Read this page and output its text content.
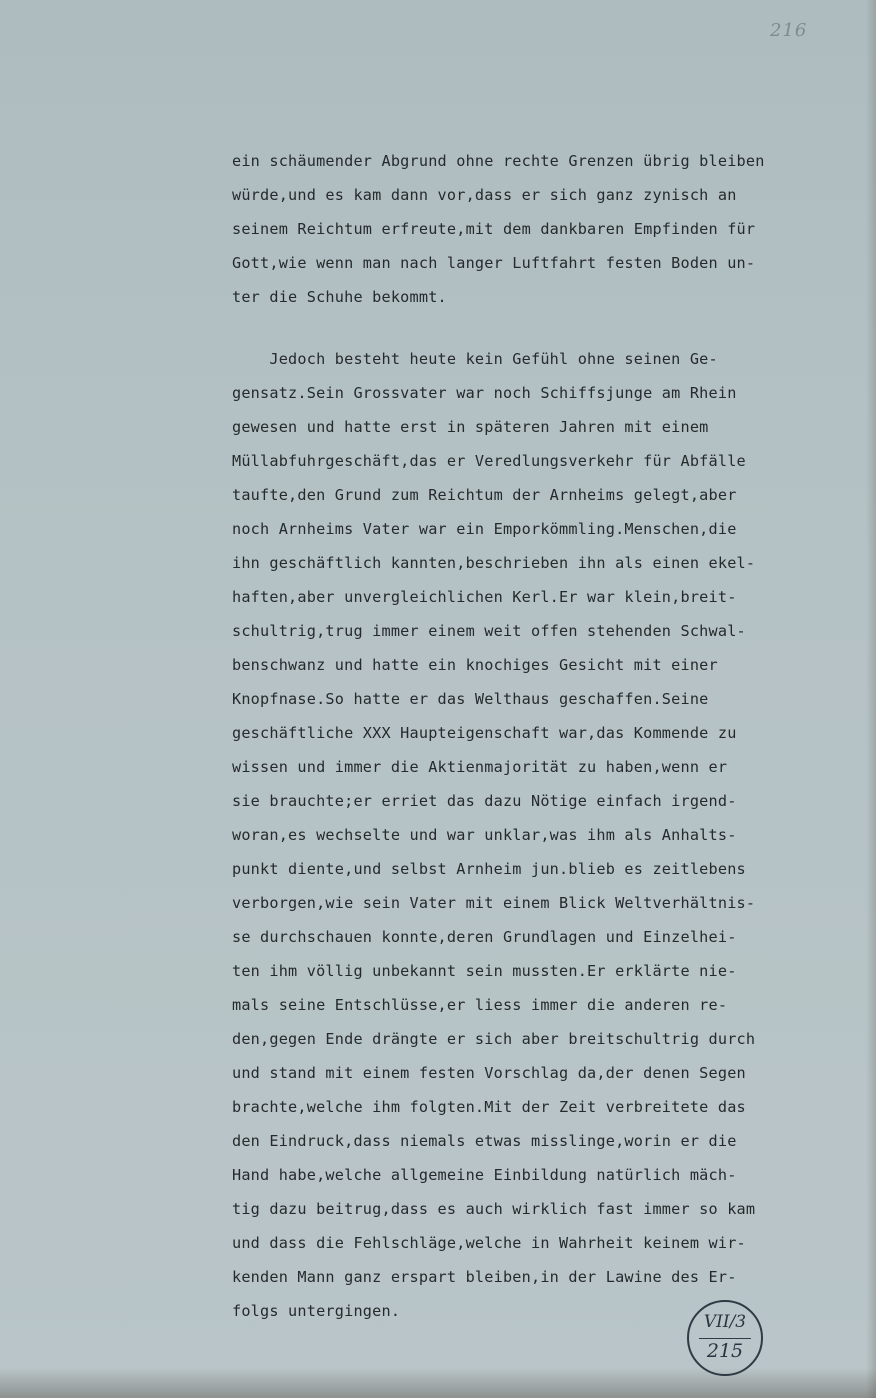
216
ein schäumender Abgrund ohne rechte Grenzen übrig bleiben
würde,und es kam dann vor,dass er sich ganz zynisch an
seinem Reichtum erfreute,mit dem dankbaren Empfinden für
Gott,wie wenn man nach langer Luftfahrt festen Boden un-
ter die Schuhe bekommt.
Jedoch besteht heute kein Gefühl ohne seinen Ge-
gensatz.Sein Grossvater war noch Schiffsjunge am Rhein
gewesen und hatte erst in späteren Jahren mit einem
Müllabfuhrgeschäft,das er Veredlungsverkehr für Abfälle
taufte,den Grund zum Reichtum der Arnheims gelegt,aber
noch Arnheims Vater war ein Emporkömmling.Menschen,die
ihn geschäftlich kannten,beschrieben ihn als einen ekel-
haften,aber unvergleichlichen Kerl.Er war klein,breit-
schultrig,trug immer einem weit offen stehenden Schwal-
benschwanz und hatte ein knochiges Gesicht mit einer
Knopfnase.So hatte er das Welthaus geschaffen.Seine
geschäftliche XXX Haupteigenschaft war,das Kommende zu
wissen und immer die Aktienmajorität zu haben,wenn er
sie brauchte;er erriet das dazu Nötige einfach irgend-
woran,es wechselte und war unklar,was ihm als Anhalts-
punkt diente,und selbst Arnheim jun.blieb es zeitlebens
verborgen,wie sein Vater mit einem Blick Weltverhältnis-
se durchschauen konnte,deren Grundlagen und Einzelhei-
ten ihm völlig unbekannt sein mussten.Er erklärte nie-
mals seine Entschlüsse,er liess immer die anderen re-
den,gegen Ende drängte er sich aber breitschultrig durch
und stand mit einem festen Vorschlag da,der denen Segen
brachte,welche ihm folgten.Mit der Zeit verbreitete das
den Eindruck,dass niemals etwas misslinge,worin er die
Hand habe,welche allgemeine Einbildung natürlich mäch-
tig dazu beitrug,dass es auch wirklich fast immer so kam
und dass die Fehlschläge,welche in Wahrheit keinem wir-
kenden Mann ganz erspart bleiben,in der Lawine des Er-
folgs untergingen.
VII/3
215
